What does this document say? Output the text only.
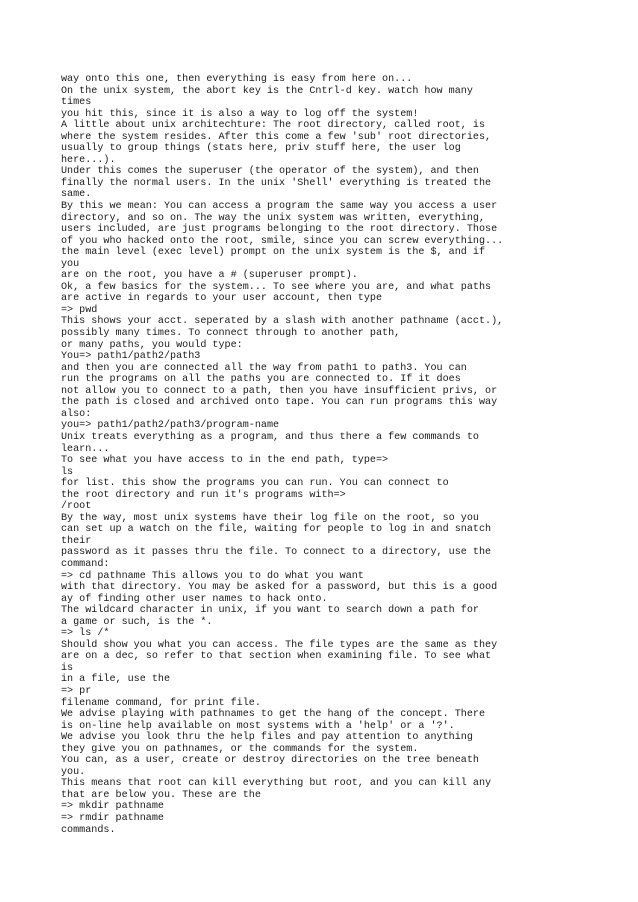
way onto this one, then everything is easy from here on...
On the unix system, the abort key is the Cntrl-d key. watch how many
times
you hit this, since it is also a way to log off the system!
A little about unix architechture: The root directory, called root, is
where the system resides. After this come a few 'sub' root directories,
usually to group things (stats here, priv stuff here, the user log
here...).
Under this comes the superuser (the operator of the system), and then
finally the normal users. In the unix 'Shell' everything is treated the
same.
By this we mean: You can access a program the same way you access a user
directory, and so on. The way the unix system was written, everything,
users included, are just programs belonging to the root directory. Those
of you who hacked onto the root, smile, since you can screw everything...
the main level (exec level) prompt on the unix system is the $, and if
you
are on the root, you have a # (superuser prompt).
Ok, a few basics for the system... To see where you are, and what paths
are active in regards to your user account, then type
=> pwd
This shows your acct. seperated by a slash with another pathname (acct.),
possibly many times. To connect through to another path,
or many paths, you would type:
You=> path1/path2/path3
and then you are connected all the way from path1 to path3. You can
run the programs on all the paths you are connected to. If it does
not allow you to connect to a path, then you have insufficient privs, or
the path is closed and archived onto tape. You can run programs this way
also:
you=> path1/path2/path3/program-name
Unix treats everything as a program, and thus there a few commands to
learn...
To see what you have access to in the end path, type=>
ls
for list. this show the programs you can run. You can connect to
the root directory and run it's programs with=>
/root
By the way, most unix systems have their log file on the root, so you
can set up a watch on the file, waiting for people to log in and snatch
their
password as it passes thru the file. To connect to a directory, use the
command:
=> cd pathname This allows you to do what you want
with that directory. You may be asked for a password, but this is a good
ay of finding other user names to hack onto.
The wildcard character in unix, if you want to search down a path for
a game or such, is the *.
=> ls /*
Should show you what you can access. The file types are the same as they
are on a dec, so refer to that section when examining file. To see what
is
in a file, use the
=> pr
filename command, for print file.
We advise playing with pathnames to get the hang of the concept. There
is on-line help available on most systems with a 'help' or a '?'.
We advise you look thru the help files and pay attention to anything
they give you on pathnames, or the commands for the system.
You can, as a user, create or destroy directories on the tree beneath
you.
This means that root can kill everything but root, and you can kill any
that are below you. These are the
=> mkdir pathname
=> rmdir pathname
commands.
